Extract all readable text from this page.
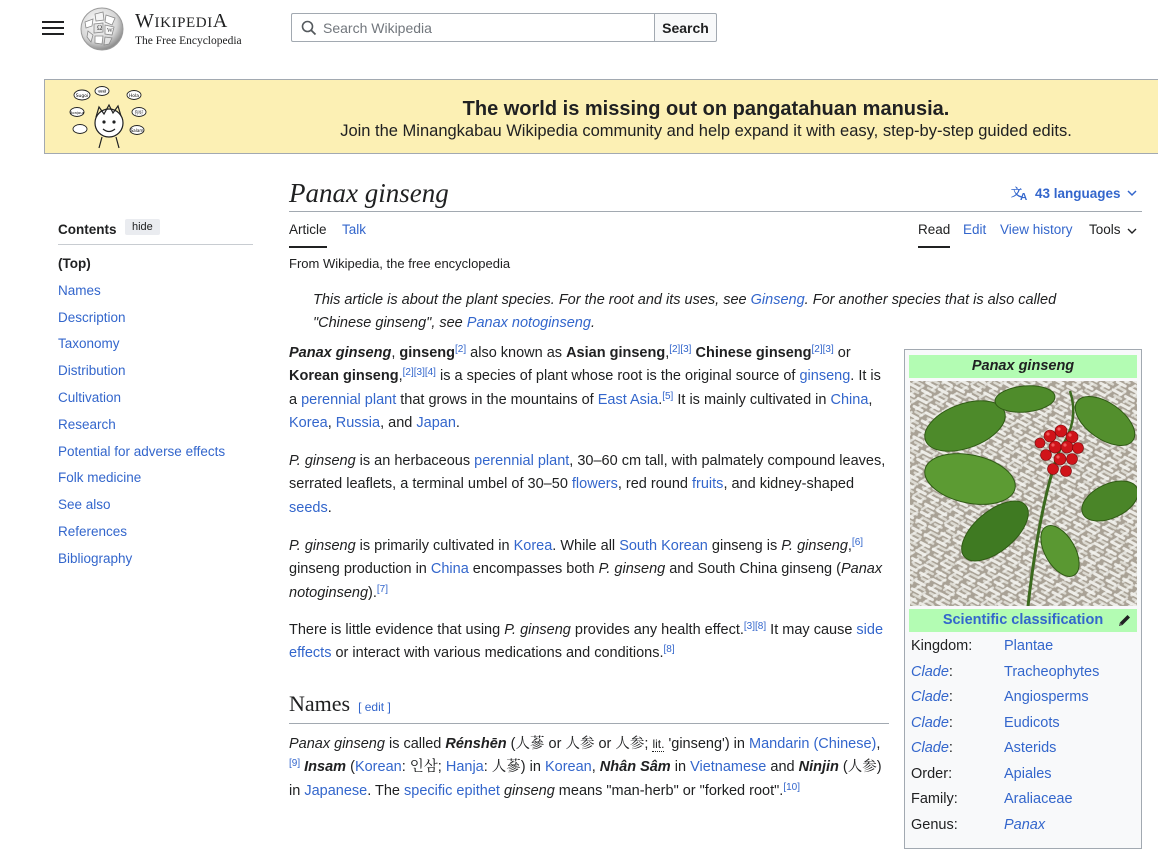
Ω W WIKIPEDIA
The Free Encyclopedia
Search Wikipedia
Search
Sugoi
नमस्ते
Hola
Bonjour	你好
Salam
The world is missing out on pangatahuan manusia.
Join the Minangkabau Wikipedia community and help expand it with easy, step-by-step guided edits.
Contents	hide
(Top)
Names
Description
Taxonomy
Distribution
Cultivation
Research
Potential for adverse effects
Folk medicine
See also
References
Bibliography
Panax ginseng	文
A 43 languages
Article Talk	Read Edit View history Tools
From Wikipedia, the free encyclopedia
This article is about the plant species. For the root and its uses, see Ginseng. For another species that is also called "Chinese ginseng", see Panax notoginseng.

Panax ginseng, ginseng[2] also known as Asian ginseng,[2][3] Chinese ginseng[2][3] or Korean ginseng,[2][3][4] is a species of plant whose root is the original source of ginseng. It is a perennial plant that grows in the mountains of East Asia.[5] It is mainly cultivated in China, Korea, Russia, and Japan.

P. ginseng is an herbaceous perennial plant, 30–60 cm tall, with palmately compound leaves, serrated leaflets, a terminal umbel of 30–50 flowers, red round fruits, and kidney-shaped seeds.

P. ginseng is primarily cultivated in Korea. While all South Korean ginseng is P. ginseng,[6] ginseng production in China encompasses both P. ginseng and South China ginseng (Panax notoginseng).[7]

There is little evidence that using P. ginseng provides any health effect.[3][8] It may cause side effects or interact with various medications and conditions.[8]

Names [ edit ]

Panax ginseng is called Rénshēn (人蔘 or 人参 or 人参; lit. 'ginseng') in Mandarin (Chinese),[9] Insam (Korean: 인삼; Hanja: 人蔘) in Korean, Nhân Sâm in Vietnamese and Ninjin (人参) in Japanese. The specific epithet ginseng means "man-herb" or "forked root".[10]

Panax ginseng
Scientific classification
Kingdom:	Plantae
Clade:	Tracheophytes
Clade:	Angiosperms
Clade:	Eudicots
Clade:	Asterids
Order:	Apiales
Family:	Araliaceae
Genus:	Panax
